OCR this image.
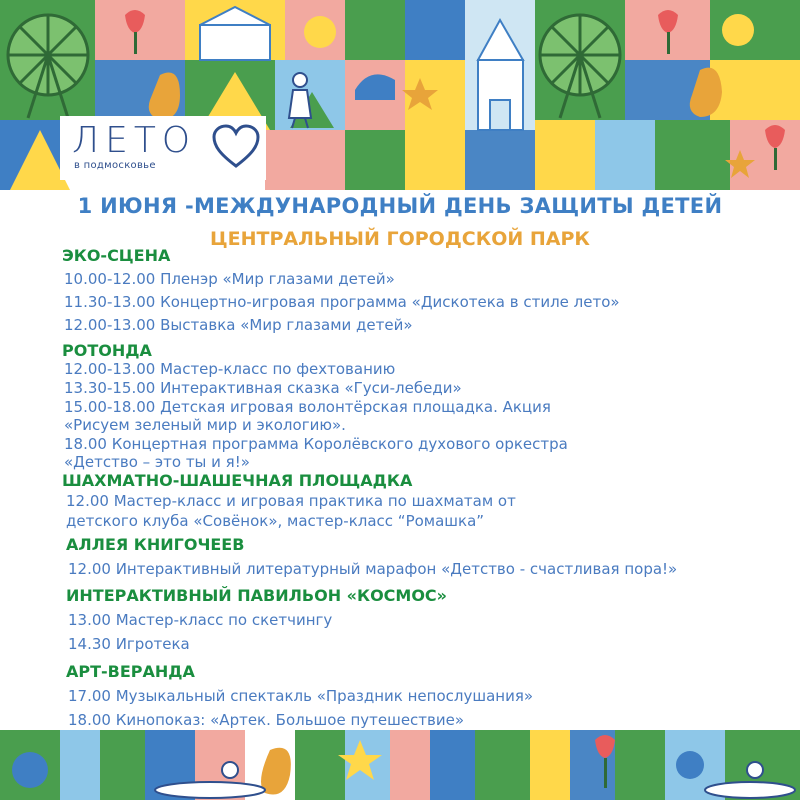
ЛЕТО
в подмосковье
1 ИЮНЯ -МЕЖДУНАРОДНЫЙ ДЕНЬ ЗАЩИТЫ ДЕТЕЙ
ЦЕНТРАЛЬНЫЙ ГОРОДСКОЙ ПАРК
ЭКО-СЦЕНА
10.00-12.00 Пленэр «Мир глазами детей»
11.30-13.00 Концертно-игровая программа «Дискотека в стиле лето»
12.00-13.00 Выставка «Мир глазами детей»
РОТОНДА
12.00-13.00 Мастер-класс по фехтованию
13.30-15.00 Интерактивная сказка «Гуси-лебеди»
15.00-18.00 Детская игровая волонтёрская площадка. Акция
«Рисуем зеленый мир и экологию».
18.00 Концертная программа Королёвского духового оркестра
«Детство – это ты и я!»
ШАХМАТНО-ШАШЕЧНАЯ ПЛОЩАДКА
12.00 Мастер-класс и игровая практика по шахматам от
детского клуба «Совёнок», мастер-класс “Ромашка”
АЛЛЕЯ КНИГОЧЕЕВ
12.00 Интерактивный литературный марафон «Детство - счастливая пора!»
ИНТЕРАКТИВНЫЙ ПАВИЛЬОН «КОСМОС»
13.00 Мастер-класс по скетчингу
14.30 Игротека
АРТ-ВЕРАНДА
17.00 Музыкальный спектакль «Праздник непослушания»
18.00 Кинопоказ: «Артек. Большое путешествие»
